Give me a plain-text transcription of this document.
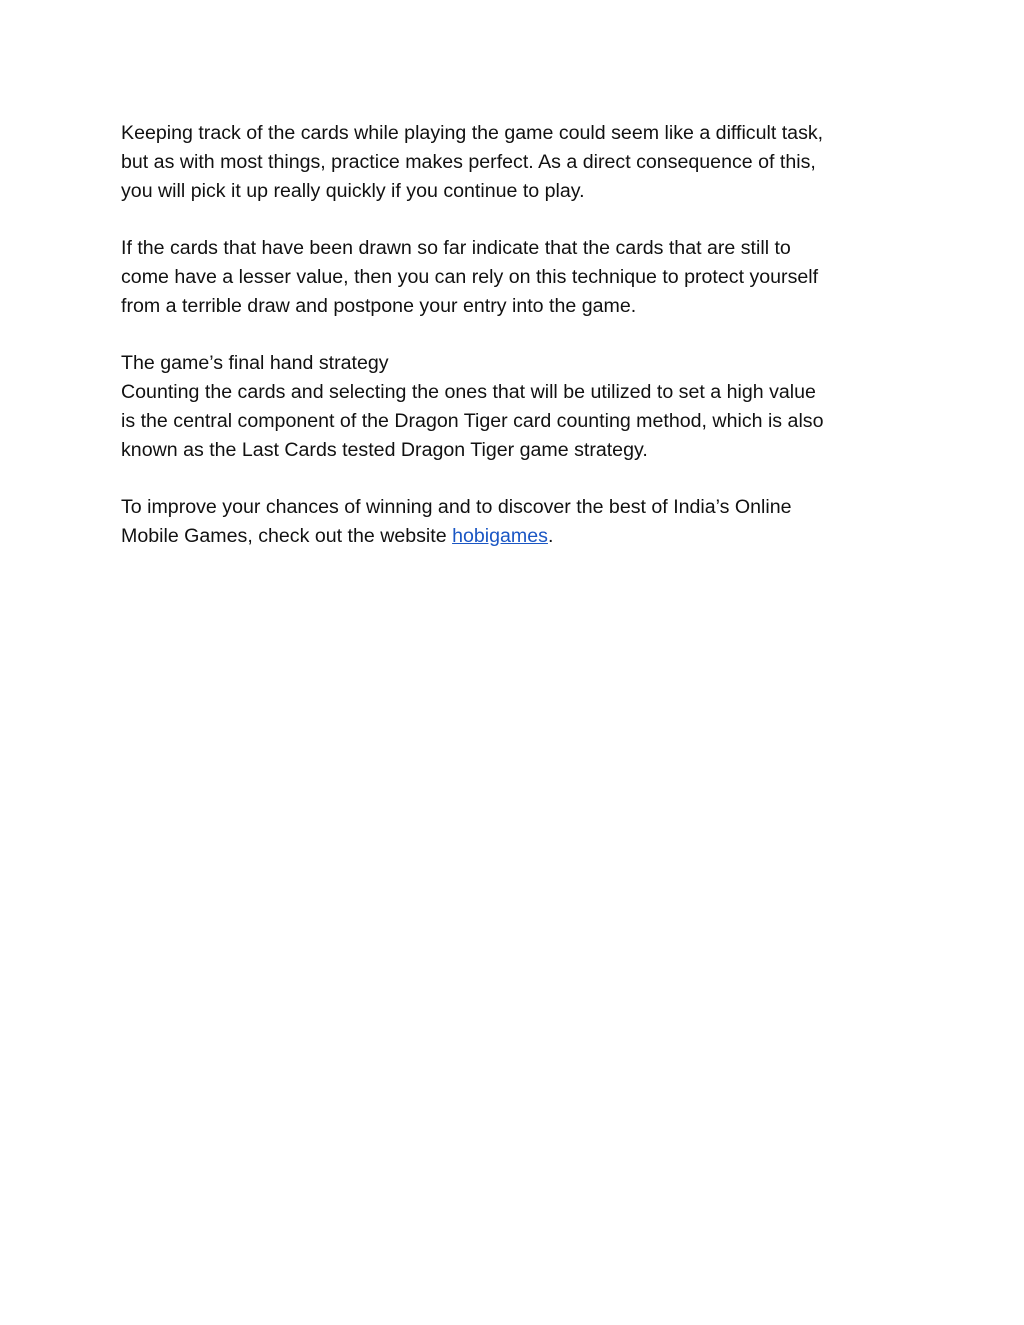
Keeping track of the cards while playing the game could seem like a difficult task,
but as with most things, practice makes perfect. As a direct consequence of this,
you will pick it up really quickly if you continue to play.

If the cards that have been drawn so far indicate that the cards that are still to
come have a lesser value, then you can rely on this technique to protect yourself
from a terrible draw and postpone your entry into the game.

The game’s final hand strategy
Counting the cards and selecting the ones that will be utilized to set a high value
is the central component of the Dragon Tiger card counting method, which is also
known as the Last Cards tested Dragon Tiger game strategy.

To improve your chances of winning and to discover the best of India’s Online
Mobile Games, check out the website hobigames.
